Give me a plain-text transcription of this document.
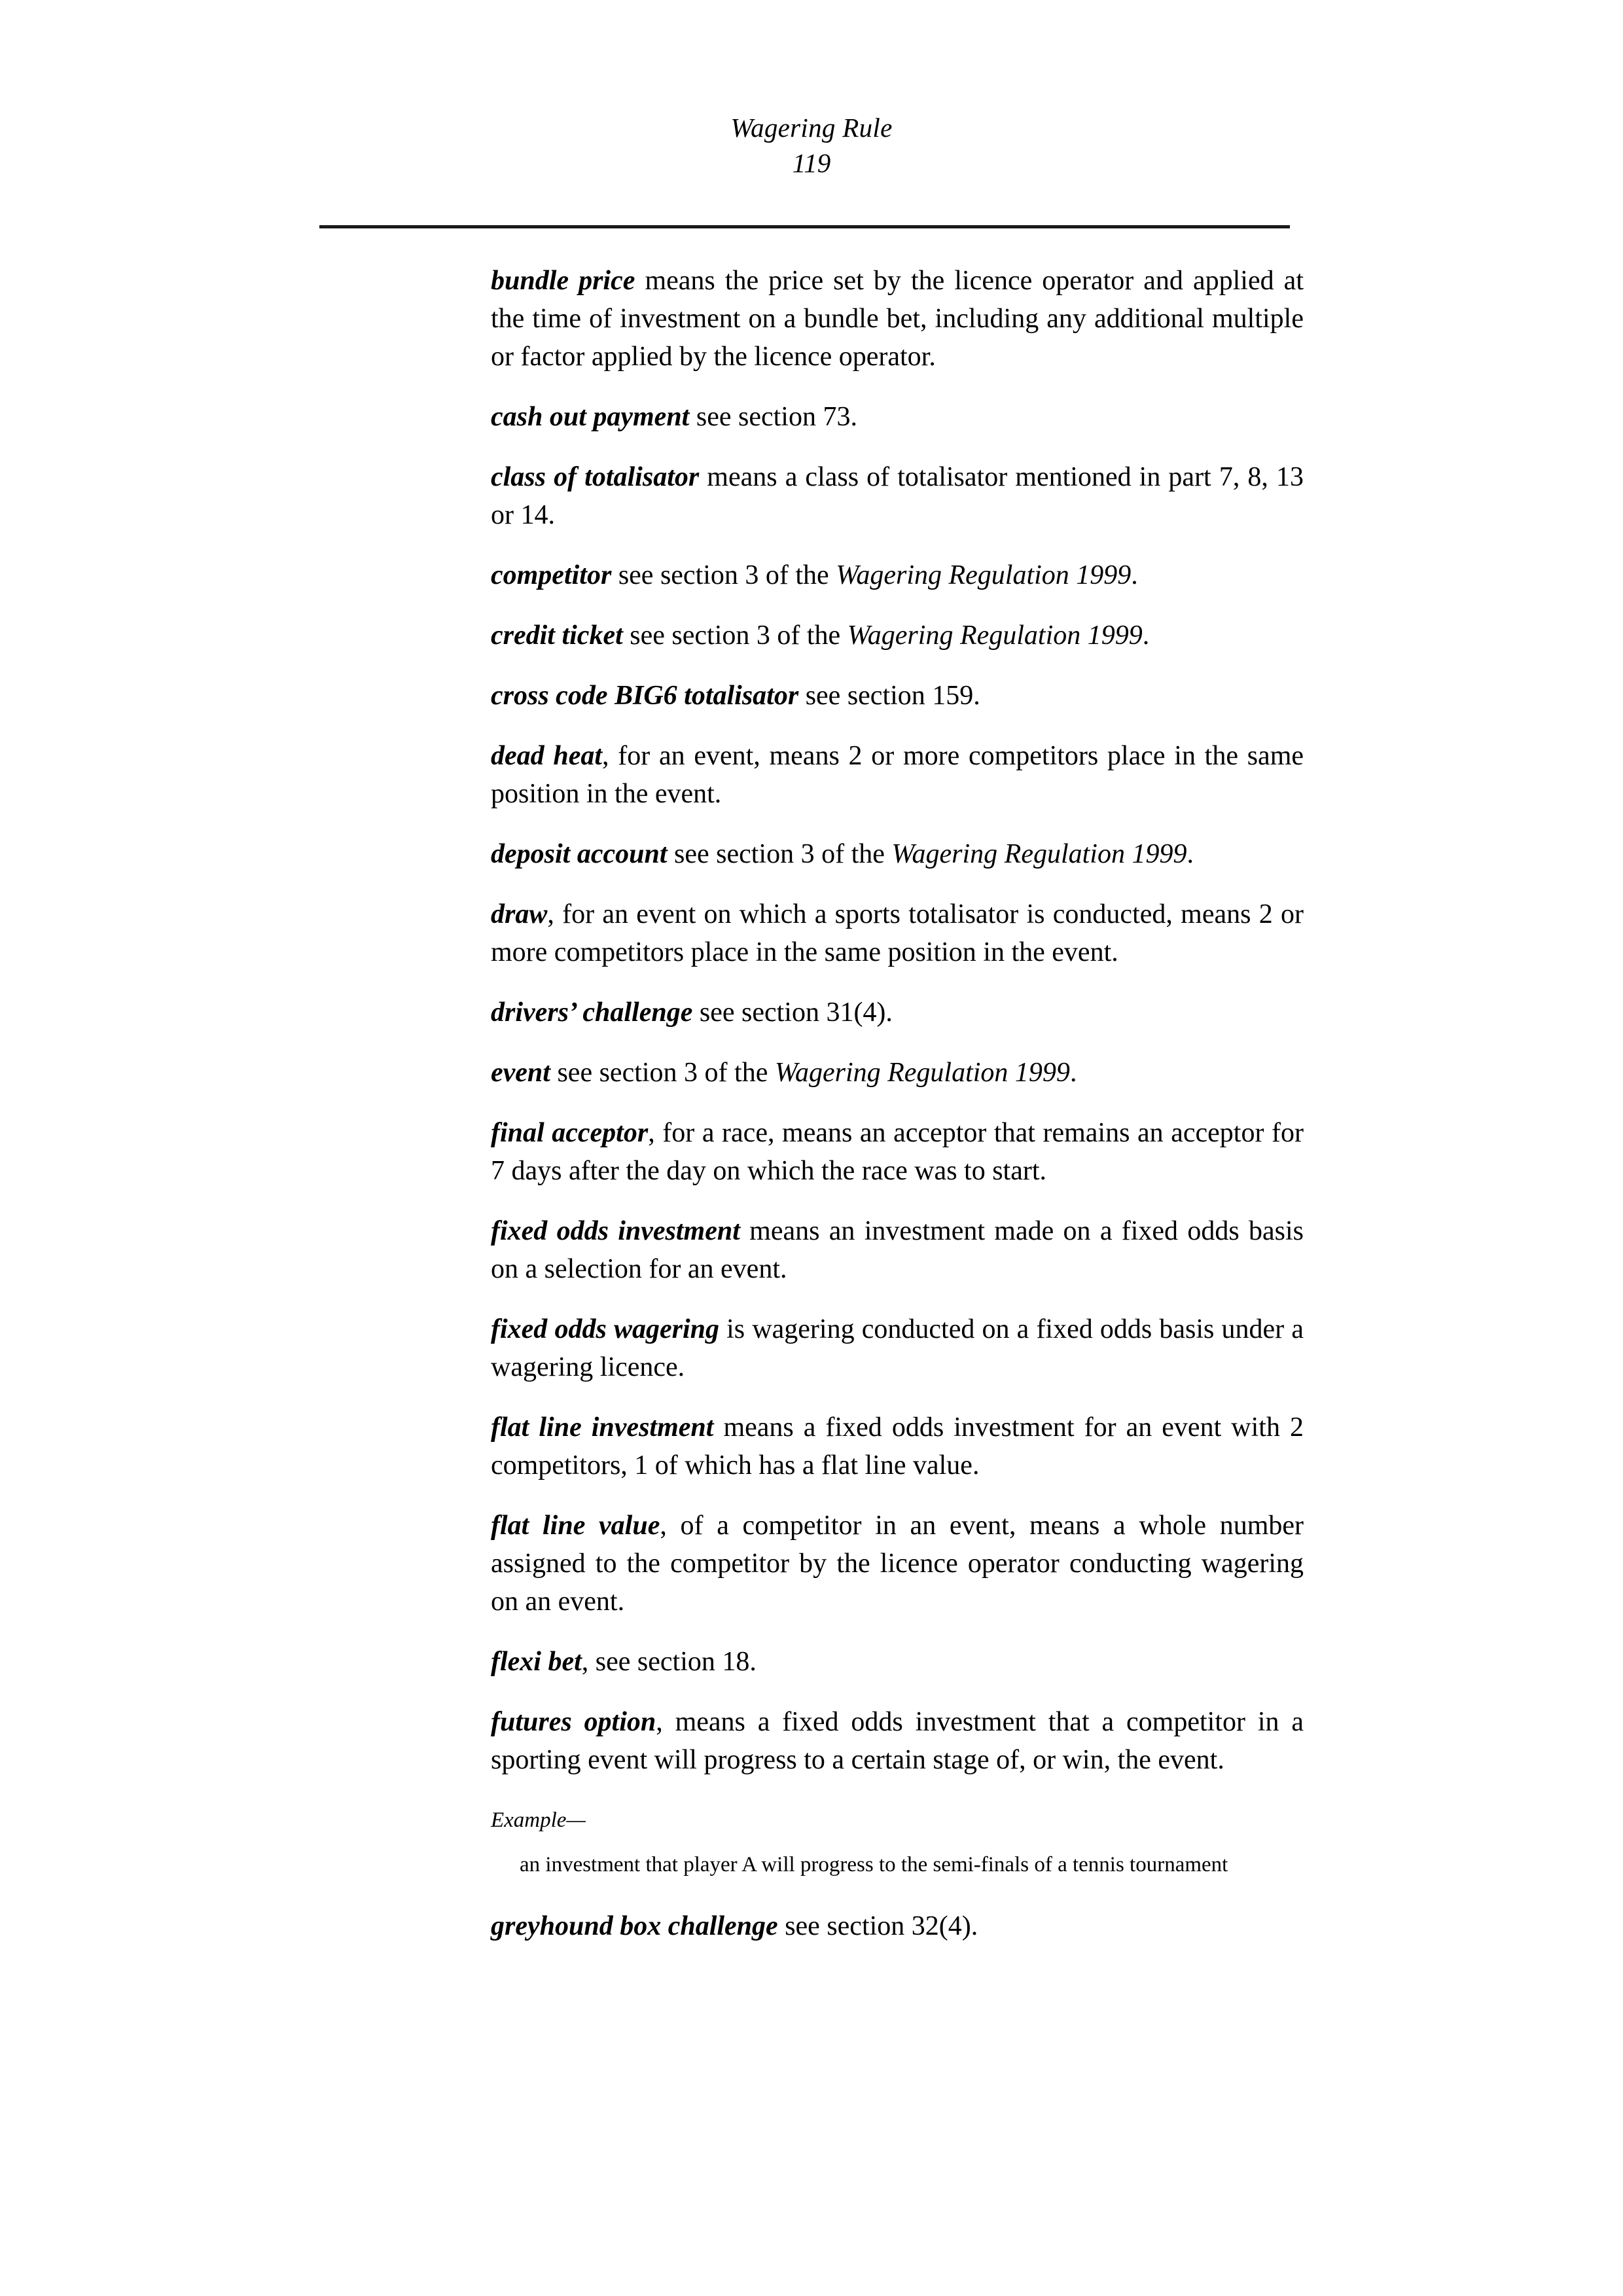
Wagering Rule
119

bundle price means the price set by the licence operator and applied at the time of investment on a bundle bet, including any additional multiple or factor applied by the licence operator.

cash out payment see section 73.

class of totalisator means a class of totalisator mentioned in part 7, 8, 13 or 14.

competitor see section 3 of the Wagering Regulation 1999.

credit ticket see section 3 of the Wagering Regulation 1999.

cross code BIG6 totalisator see section 159.

dead heat, for an event, means 2 or more competitors place in the same position in the event.

deposit account see section 3 of the Wagering Regulation 1999.

draw, for an event on which a sports totalisator is conducted, means 2 or more competitors place in the same position in the event.

drivers’ challenge see section 31(4).

event see section 3 of the Wagering Regulation 1999.

final acceptor, for a race, means an acceptor that remains an acceptor for 7 days after the day on which the race was to start.

fixed odds investment means an investment made on a fixed odds basis on a selection for an event.

fixed odds wagering is wagering conducted on a fixed odds basis under a wagering licence.

flat line investment means a fixed odds investment for an event with 2 competitors, 1 of which has a flat line value.

flat line value, of a competitor in an event, means a whole number assigned to the competitor by the licence operator conducting wagering on an event.

flexi bet, see section 18.

futures option, means a fixed odds investment that a competitor in a sporting event will progress to a certain stage of, or win, the event.

Example—
an investment that player A will progress to the semi-finals of a tennis tournament

greyhound box challenge see section 32(4).
